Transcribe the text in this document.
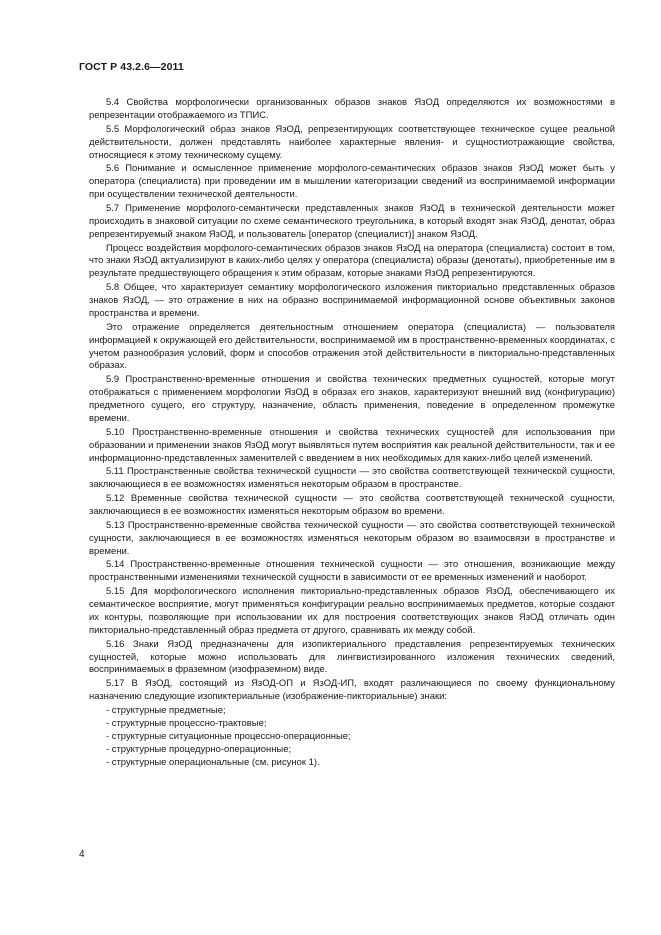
ГОСТ Р 43.2.6—2011

5.4 Свойства морфологически организованных образов знаков ЯзОД определяются их возможностями в репрезентации отображаемого из ТПИС.

5.5 Морфологический образ знаков ЯзОД, репрезентирующих соответствующее техническое сущее реальной действительности, должен представлять наиболее характерные явления- и сущностиотражающие свойства, относящиеся к этому техническому сущему.

5.6 Понимание и осмысленное применение морфолого-семантических образов знаков ЯзОД может быть у оператора (специалиста) при проведении им в мышлении категоризации сведений из воспринимаемой информации при осуществлении технической деятельности.

5.7 Применение морфолого-семантически представленных знаков ЯзОД в технической деятельности может происходить в знаковой ситуации по схеме семантического треугольника, в который входят знак ЯзОД, денотат, образ репрезентируемый знаком ЯзОД, и пользователь [оператор (специалист)] знаком ЯзОД.

Процесс воздействия морфолого-семантических образов знаков ЯзОД на оператора (специалиста) состоит в том, что знаки ЯзОД актуализируют в каких-либо целях у оператора (специалиста) образы (денотаты), приобретенные им в результате предшествующего обращения к этим образам, которые знаками ЯзОД репрезентируются.

5.8 Общее, что характеризует семантику морфологического изложения пикториально представленных образов знаков ЯзОД, — это отражение в них на образно воспринимаемой информационной основе объективных законов пространства и времени.

Это отражение определяется деятельностным отношением оператора (специалиста) — пользователя информацией к окружающей его действительности, воспринимаемой им в пространственно-временных координатах, с учетом разнообразия условий, форм и способов отражения этой действительности в пикториально-представленных образах.

5.9 Пространственно-временные отношения и свойства технических предметных сущностей, которые могут отображаться с применением морфологии ЯзОД в образах его знаков, характеризуют внешний вид (конфигурацию) предметного сущего, его структуру, назначение, область применения, поведение в определенном промежутке времени.

5.10 Пространственно-временные отношения и свойства технических сущностей для использования при образовании и применении знаков ЯзОД могут выявляться путем восприятия как реальной действительности, так и ее информационно-представленных заменителей с введением в них необходимых для каких-либо целей изменений.

5.11 Пространственные свойства технической сущности — это свойства соответствующей технической сущности, заключающиеся в ее возможностях изменяться некоторым образом в пространстве.

5.12 Временные свойства технической сущности — это свойства соответствующей технической сущности, заключающиеся в ее возможностях изменяться некоторым образом во времени.

5.13 Пространственно-временные свойства технической сущности — это свойства соответствующей технической сущности, заключающиеся в ее возможностях изменяться некоторым образом во взаимосвязи в пространстве и времени.

5.14 Пространственно-временные отношения технической сущности — это отношения, возникающие между пространственными изменениями технической сущности в зависимости от ее временных изменений и наоборот.

5.15 Для морфологического исполнения пикториально-представленных образов ЯзОД, обеспечивающего их семантическое восприятие, могут применяться конфигурации реально воспринимаемых предметов, которые создают их контуры, позволяющие при использовании их для построения соответствующих знаков ЯзОД отличать один пикториально-представленный образ предмета от другого, сравнивать их между собой.

5.16 Знаки ЯзОД предназначены для изопиктериального представления репрезентируемых технических сущностей, которые можно использовать для лингвистизированного изложения технических сведений, воспринимаемых в фраземном (изофраземном) виде.

5.17 В ЯзОД, состоящий из ЯзОД-ОП и ЯзОД-ИП, входят различающиеся по своему функциональному назначению следующие изопиктериальные (изображение-пикториальные) знаки:

- структурные предметные;
- структурные процессно-трактовые;
- структурные ситуационные процессно-операционные;
- структурные процедурно-операционные;
- структурные операциональные (см. рисунок 1).
4
